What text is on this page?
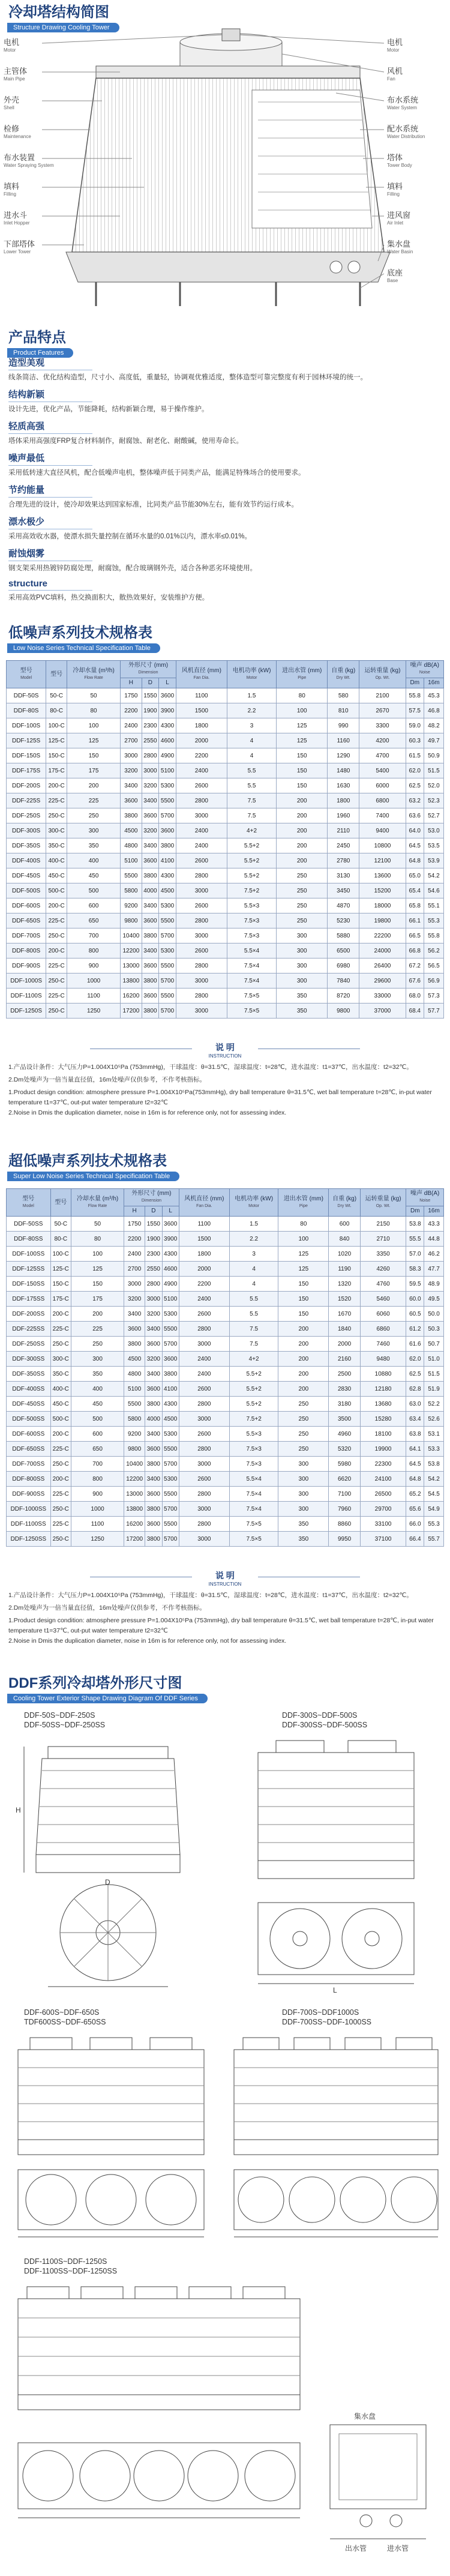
冷却塔结构简图
Structure Drawing Cooling Tower
电机
Motor
主管体
Main Pipe
外壳
Shell
检修
Maintenance
布水装置
Water Spraying System
填料
Filling
进水斗
Inlet Hopper
下部塔体
Lower Tower
电机
Motor
风机
Fan
布水系统
Water System
配水系统
Water Distribution
塔体
Tower Body
填料
Filling
进风窗
Air Inlet
集水盘
Water Basin
底座
Base
产品特点
Product Features
造型美观
线条简洁、优化结构造型，尺寸小、高度低，重量轻，协调观优雅适度，整体造型可靠完整度有利于园林环境的统一。
结构新颖
设计先进，优化产品，节能降耗，结构新颖合理，易于操作维护。
轻质高强
塔体采用高强度FRP复合材料制作，耐腐蚀、耐老化、耐酸碱，使用寿命长。
噪声最低
采用低转速大直径风机，配合低噪声电机，整体噪声低于同类产品，能满足特殊场合的使用要求。
节约能量
合理先进的设计，使冷却效果达到国家标准，比同类产品节能30%左右，能有效节约运行成本。
漂水极少
采用高效收水器，使漂水损失量控制在循环水量的0.01%以内，漂水率≤0.01%。
耐蚀烟雾
钢支架采用热镀锌防腐处理，耐腐蚀，配合玻璃钢外壳，适合各种恶劣环境使用。
structure
采用高效PVC填料，热交换面积大，散热效果好，安装维护方便。
低噪声系列技术规格表
Low Noise Series Technical Specification Table
型号
Model	型号	冷却水量 (m³/h)
Flow Rate	外形尺寸 (mm)
Dimension			风机直径 (mm)
Fan Dia.	电机功率 (kW)
Motor	进出水管 (mm)
Pipe	自重 (kg)
Dry Wt.	运转重量 (kg)
Op. Wt.	噪声 dB(A)
Noise	

			H	D	L						Dm	16m
DDF-50S	50-C	50	1750	1550	3600	1100	1.5	80	580	2100	55.8	45.3
DDF-80S	80-C	80	2200	1900	3900	1500	2.2	100	810	2670	57.5	46.8
DDF-100S	100-C	100	2400	2300	4300	1800	3	125	990	3300	59.0	48.2
DDF-125S	125-C	125	2700	2550	4600	2000	4	125	1160	4200	60.3	49.7
DDF-150S	150-C	150	3000	2800	4900	2200	4	150	1290	4700	61.5	50.9
DDF-175S	175-C	175	3200	3000	5100	2400	5.5	150	1480	5400	62.0	51.5
DDF-200S	200-C	200	3400	3200	5300	2600	5.5	150	1630	6000	62.5	52.0
DDF-225S	225-C	225	3600	3400	5500	2800	7.5	200	1800	6800	63.2	52.3
DDF-250S	250-C	250	3800	3600	5700	3000	7.5	200	1960	7400	63.6	52.7
DDF-300S	300-C	300	4500	3200	3600	2400	4+2	200	2110	9400	64.0	53.0
DDF-350S	350-C	350	4800	3400	3800	2400	5.5+2	200	2450	10800	64.5	53.5
DDF-400S	400-C	400	5100	3600	4100	2600	5.5+2	200	2780	12100	64.8	53.9
DDF-450S	450-C	450	5500	3800	4300	2800	5.5+2	250	3130	13600	65.0	54.2
DDF-500S	500-C	500	5800	4000	4500	3000	7.5+2	250	3450	15200	65.4	54.6
DDF-600S	200-C	600	9200	3400	5300	2600	5.5×3	250	4870	18000	65.8	55.1
DDF-650S	225-C	650	9800	3600	5500	2800	7.5×3	250	5230	19800	66.1	55.3
DDF-700S	250-C	700	10400	3800	5700	3000	7.5×3	300	5880	22200	66.5	55.8
DDF-800S	200-C	800	12200	3400	5300	2600	5.5×4	300	6500	24000	66.8	56.2
DDF-900S	225-C	900	13000	3600	5500	2800	7.5×4	300	6980	26400	67.2	56.5
DDF-1000S	250-C	1000	13800	3800	5700	3000	7.5×4	300	7840	29600	67.6	56.9
DDF-1100S	225-C	1100	16200	3600	5500	2800	7.5×5	350	8720	33000	68.0	57.3
DDF-1250S	250-C	1250	17200	3800	5700	3000	7.5×5	350	9800	37000	68.4	57.7
说 明
INSTRUCTION
1.产品设计条件：大气压力P=1.004X10⁵Pa (753mmHg)，干球温度：θ=31.5℃，湿球温度：t=28℃，进水温度：t1=37℃，出水温度：t2=32℃。
2.Dm处噪声为一倍当量直径值，16m处噪声仅供参考，不作考核指标。
1.Product design condition: atmosphere pressure P=1.004X10⁵Pa(753mmHg), dry ball temperature θ=31.5℃, wet ball temperature t=28℃, in-put water temperature t1=37℃, out-put water temperature t2=32℃
2.Noise in Dmis the duplication diameter, noise in 16m is for reference only, not for assessing index.
超低噪声系列技术规格表
Super Low Noise Series Technical Specification Table
型号
Model	型号	冷却水量 (m³/h)
Flow Rate	外形尺寸 (mm)
Dimension			风机直径 (mm)
Fan Dia.	电机功率 (kW)
Motor	进出水管 (mm)
Pipe	自重 (kg)
Dry Wt.	运转重量 (kg)
Op. Wt.	噪声 dB(A)
Noise	

			H	D	L						Dm	16m
DDF-50SS	50-C	50	1750	1550	3600	1100	1.5	80	600	2150	53.8	43.3
DDF-80SS	80-C	80	2200	1900	3900	1500	2.2	100	840	2710	55.5	44.8
DDF-100SS	100-C	100	2400	2300	4300	1800	3	125	1020	3350	57.0	46.2
DDF-125SS	125-C	125	2700	2550	4600	2000	4	125	1190	4260	58.3	47.7
DDF-150SS	150-C	150	3000	2800	4900	2200	4	150	1320	4760	59.5	48.9
DDF-175SS	175-C	175	3200	3000	5100	2400	5.5	150	1520	5460	60.0	49.5
DDF-200SS	200-C	200	3400	3200	5300	2600	5.5	150	1670	6060	60.5	50.0
DDF-225SS	225-C	225	3600	3400	5500	2800	7.5	200	1840	6860	61.2	50.3
DDF-250SS	250-C	250	3800	3600	5700	3000	7.5	200	2000	7460	61.6	50.7
DDF-300SS	300-C	300	4500	3200	3600	2400	4+2	200	2160	9480	62.0	51.0
DDF-350SS	350-C	350	4800	3400	3800	2400	5.5+2	200	2500	10880	62.5	51.5
DDF-400SS	400-C	400	5100	3600	4100	2600	5.5+2	200	2830	12180	62.8	51.9
DDF-450SS	450-C	450	5500	3800	4300	2800	5.5+2	250	3180	13680	63.0	52.2
DDF-500SS	500-C	500	5800	4000	4500	3000	7.5+2	250	3500	15280	63.4	52.6
DDF-600SS	200-C	600	9200	3400	5300	2600	5.5×3	250	4960	18100	63.8	53.1
DDF-650SS	225-C	650	9800	3600	5500	2800	7.5×3	250	5320	19900	64.1	53.3
DDF-700SS	250-C	700	10400	3800	5700	3000	7.5×3	300	5980	22300	64.5	53.8
DDF-800SS	200-C	800	12200	3400	5300	2600	5.5×4	300	6620	24100	64.8	54.2
DDF-900SS	225-C	900	13000	3600	5500	2800	7.5×4	300	7100	26500	65.2	54.5
DDF-1000SS	250-C	1000	13800	3800	5700	3000	7.5×4	300	7960	29700	65.6	54.9
DDF-1100SS	225-C	1100	16200	3600	5500	2800	7.5×5	350	8860	33100	66.0	55.3
DDF-1250SS	250-C	1250	17200	3800	5700	3000	7.5×5	350	9950	37100	66.4	55.7
说 明
INSTRUCTION
1.产品设计条件：大气压力P=1.004X10⁵Pa (753mmHg)，干球温度：θ=31.5℃，湿球温度：t=28℃，进水温度：t1=37℃，出水温度：t2=32℃。
2.Dm处噪声为一倍当量直径值，16m处噪声仅供参考，不作考核指标。
1.Product design condition: atmosphere pressure P=1.004X10⁵Pa (753mmHg), dry ball temperature θ=31.5℃, wet ball temperature t=28℃, in-put water temperature t1=37℃, out-put water temperature t2=32℃
2.Noise in Dmis the duplication diameter, noise in 16m is for reference only, not for assessing index.
DDF系列冷却塔外形尺寸图
Cooling Tower Exterior Shape Drawing Diagram Of DDF Series
DDF-50S~DDF-250S
DDF-50SS~DDF-250SS
DDF-300S~DDF-500S
DDF-300SS~DDF-500SS
H
D
L
DDF-600S~DDF-650S
TDF600SS~DDF-650SS
DDF-700S~DDF1000S
DDF-700SS~DDF-1000SS
DDF-1100S~DDF-1250S
DDF-1100SS~DDF-1250SS
集水盘
出水管	进水管
